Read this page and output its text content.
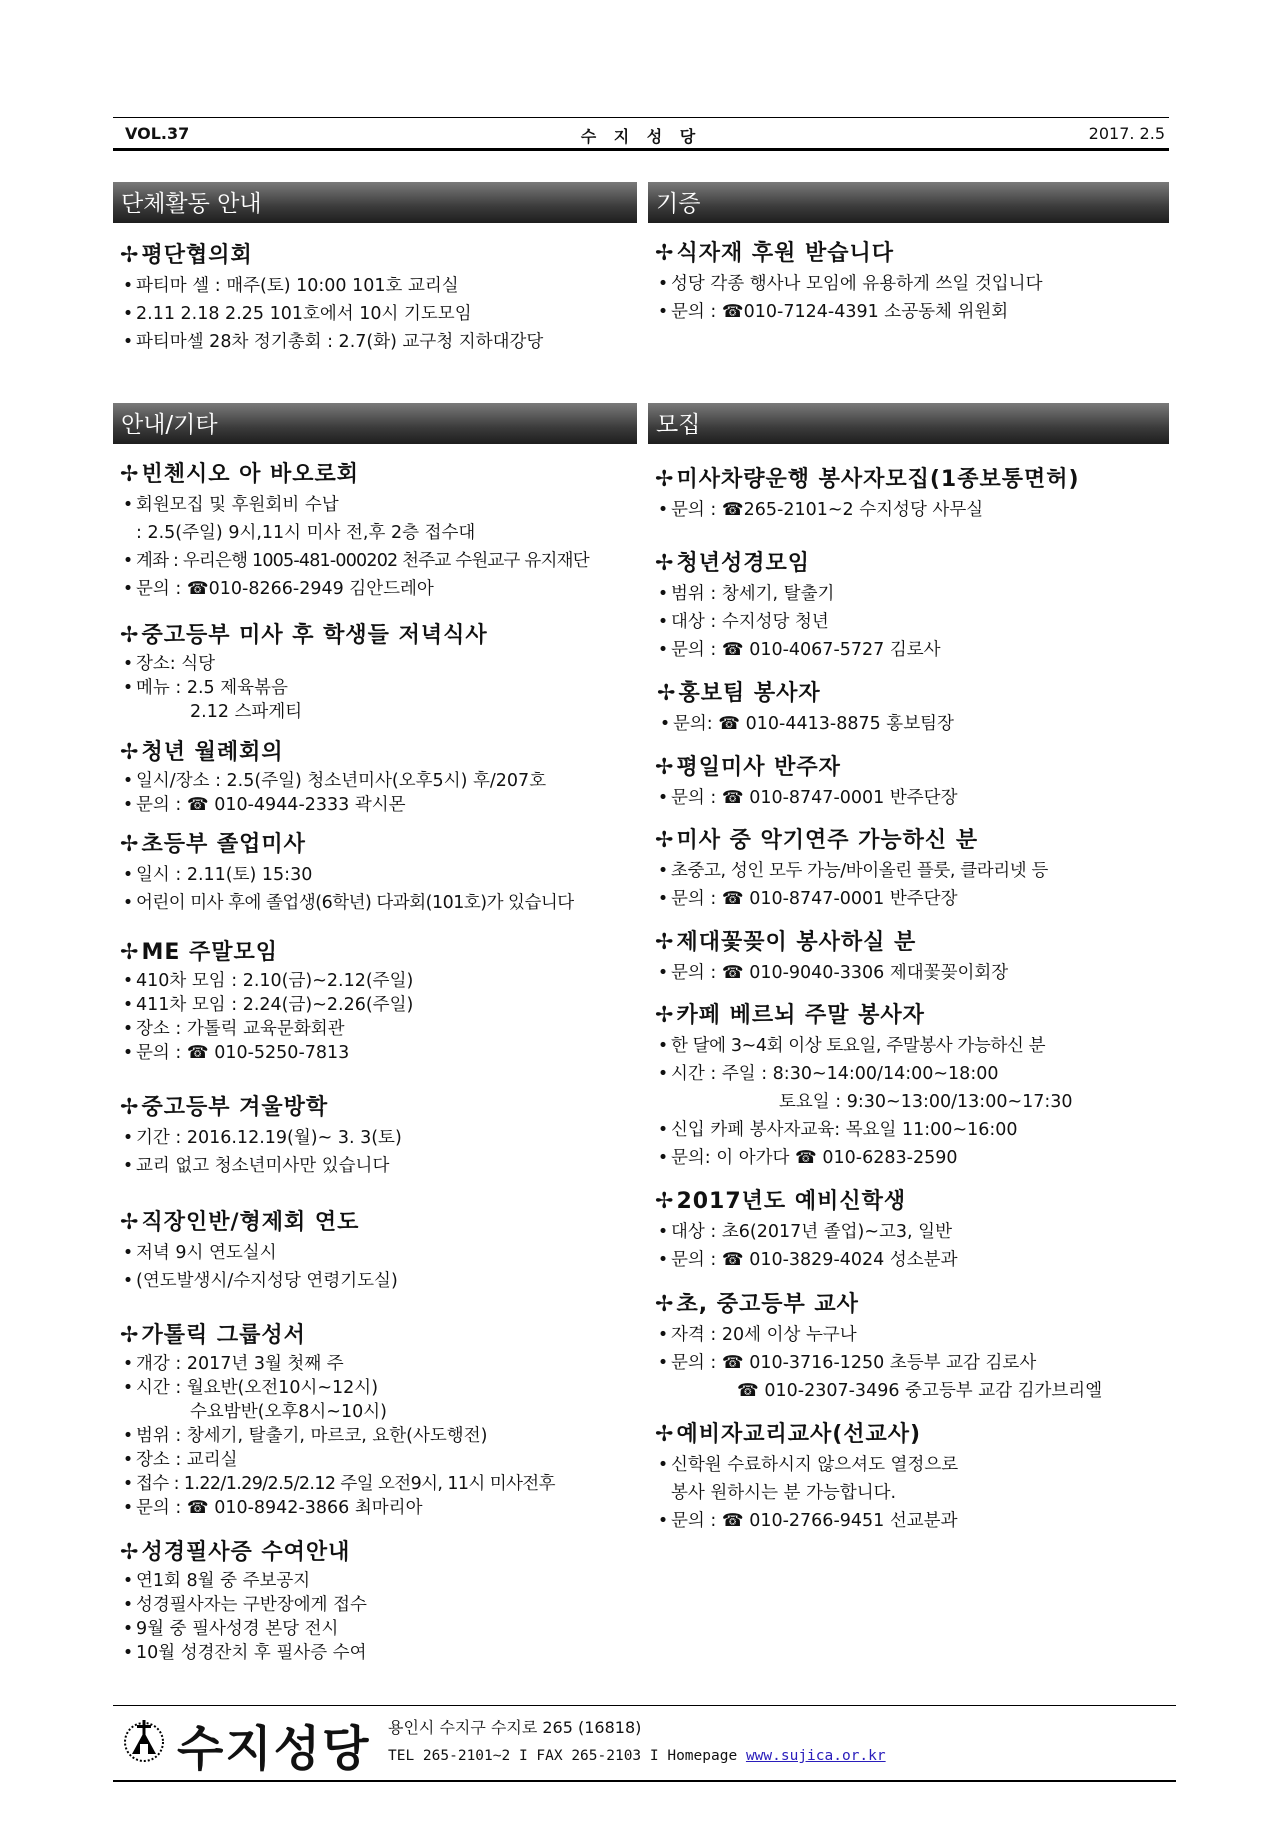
VOL.37	수 지 성 당	2017. 2.5
단체활동 안내	기증
안내/기타	모집
✢평단협의회
• 파티마 셀 : 매주(토) 10:00 101호 교리실
• 2.11 2.18 2.25 101호에서 10시 기도모임
• 파티마셀 28차 정기총회 : 2.7(화) 교구청 지하대강당
✢빈첸시오 아 바오로회
• 회원모집 및 후원회비 수납
: 2.5(주일) 9시,11시 미사 전,후 2층 접수대
• 계좌 : 우리은행 1005-481-000202 천주교 수원교구 유지재단
• 문의 : ☎010-8266-2949 김안드레아
✢중고등부 미사 후 학생들 저녁식사
• 장소: 식당
• 메뉴 : 2.5 제육볶음
2.12 스파게티
✢청년 월례회의
• 일시/장소 : 2.5(주일) 청소년미사(오후5시) 후/207호
• 문의 : ☎ 010-4944-2333 곽시몬
✢초등부 졸업미사
• 일시 : 2.11(토) 15:30
• 어린이 미사 후에 졸업생(6학년) 다과회(101호)가 있습니다
✢ME 주말모임
• 410차 모임 : 2.10(금)~2.12(주일)
• 411차 모임 : 2.24(금)~2.26(주일)
• 장소 : 가톨릭 교육문화회관
• 문의 : ☎ 010-5250-7813
✢중고등부 겨울방학
• 기간 : 2016.12.19(월)~ 3. 3(토)
• 교리 없고 청소년미사만 있습니다
✢직장인반/형제회 연도
• 저녁 9시 연도실시
• (연도발생시/수지성당 연령기도실)
✢가톨릭 그룹성서
• 개강 : 2017년 3월 첫째 주
• 시간 : 월요반(오전10시~12시)
수요밤반(오후8시~10시)
• 범위 : 창세기, 탈출기, 마르코, 요한(사도행전)
• 장소 : 교리실
• 접수 : 1.22/1.29/2.5/2.12 주일 오전9시, 11시 미사전후
• 문의 : ☎ 010-8942-3866 최마리아
✢성경필사증 수여안내
• 연1회 8월 중 주보공지
• 성경필사자는 구반장에게 접수
• 9월 중 필사성경 본당 전시
• 10월 성경잔치 후 필사증 수여
✢식자재 후원 받습니다
• 성당 각종 행사나 모임에 유용하게 쓰일 것입니다
• 문의 : ☎010-7124-4391 소공동체 위원회
✢미사차량운행 봉사자모집(1종보통면허)
• 문의 : ☎265-2101~2 수지성당 사무실
✢청년성경모임
• 범위 : 창세기, 탈출기
• 대상 : 수지성당 청년
• 문의 : ☎ 010-4067-5727 김로사
✢홍보팀 봉사자
• 문의: ☎ 010-4413-8875 홍보팀장
✢평일미사 반주자
• 문의 : ☎ 010-8747-0001 반주단장
✢미사 중 악기연주 가능하신 분
• 초중고, 성인 모두 가능/바이올린 플룻, 클라리넷 등
• 문의 : ☎ 010-8747-0001 반주단장
✢제대꽃꽂이 봉사하실 분
• 문의 : ☎ 010-9040-3306 제대꽃꽂이회장
✢카페 베르뇌 주말 봉사자
• 한 달에 3~4회 이상 토요일, 주말봉사 가능하신 분
• 시간 : 주일 : 8:30~14:00/14:00~18:00
토요일 : 9:30~13:00/13:00~17:30
• 신입 카페 봉사자교육: 목요일 11:00~16:00
• 문의: 이 아가다 ☎ 010-6283-2590
✢2017년도 예비신학생
• 대상 : 초6(2017년 졸업)~고3, 일반
• 문의 : ☎ 010-3829-4024 성소분과
✢초, 중고등부 교사
• 자격 : 20세 이상 누구나
• 문의 : ☎ 010-3716-1250 초등부 교감 김로사
☎ 010-2307-3496 중고등부 교감 김가브리엘
✢예비자교리교사(선교사)
• 신학원 수료하시지 않으셔도 열정으로
봉사 원하시는 분 가능합니다.
• 문의 : ☎ 010-2766-9451 선교분과
수지성당 용인시 수지구 수지로 265 (16818)
TEL 265-2101~2 I FAX 265-2103 I Homepage www.sujica.or.kr
